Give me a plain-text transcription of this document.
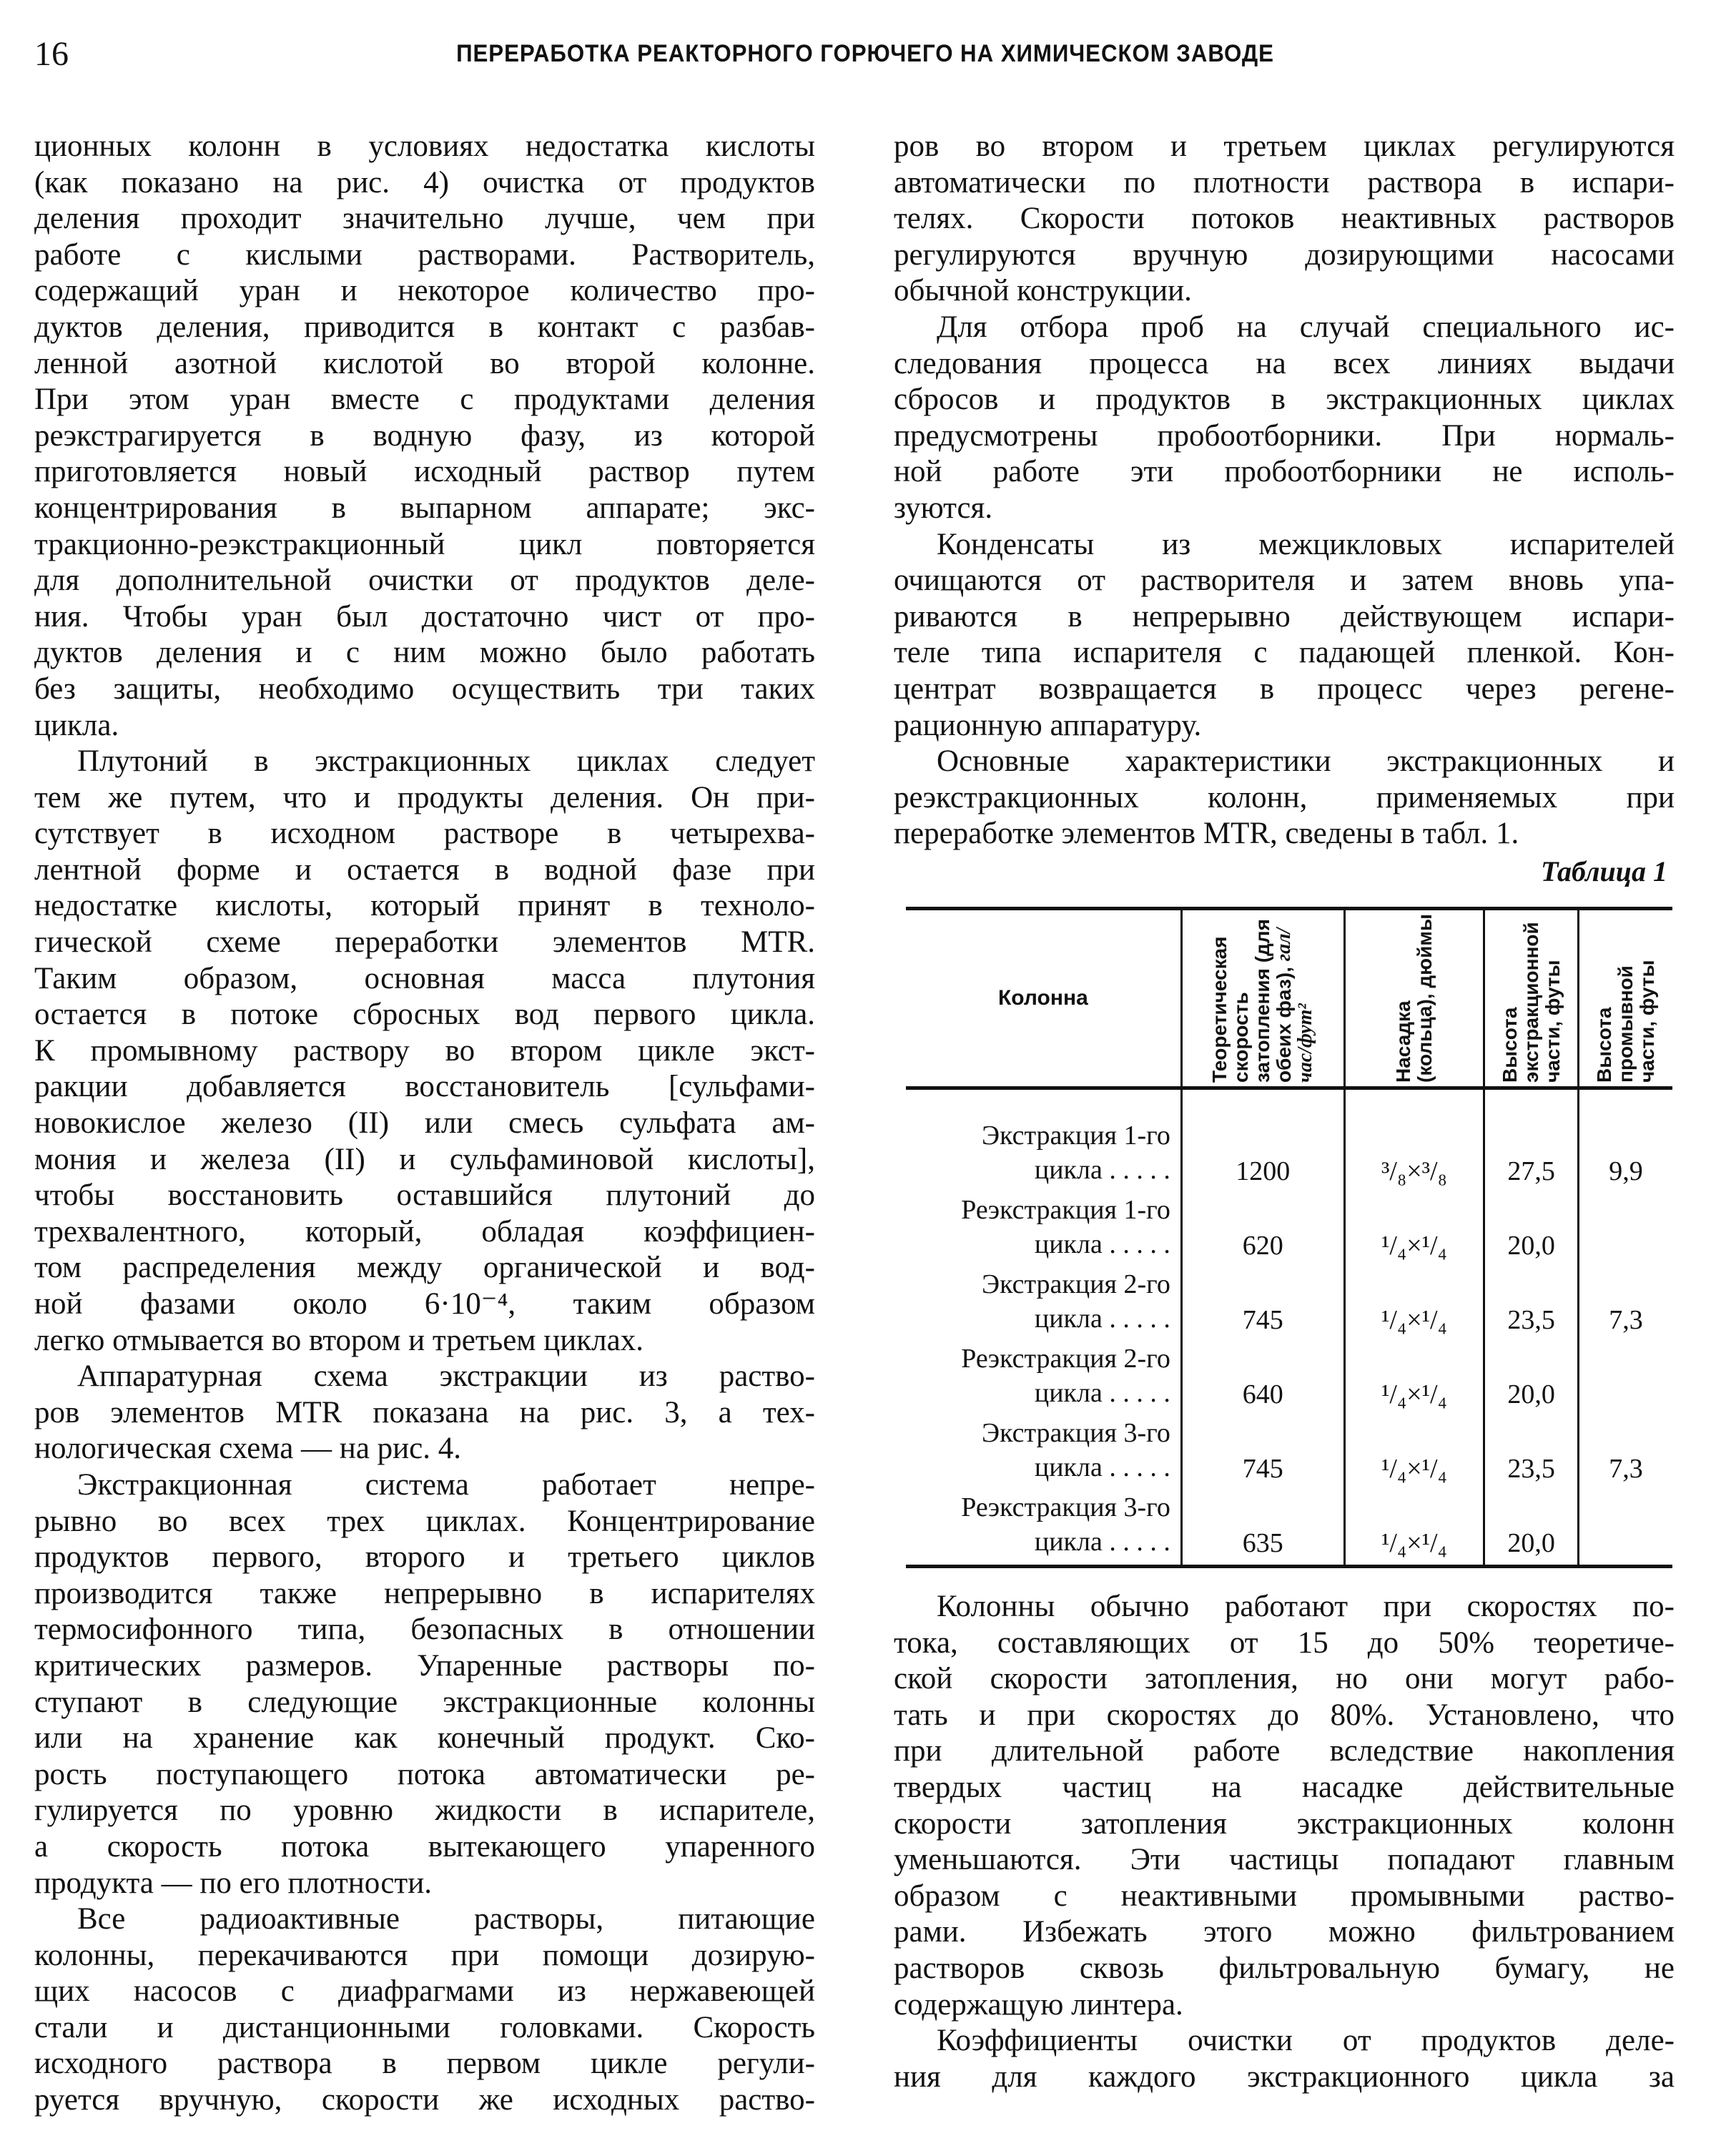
16	ПЕРЕРАБОТКА РЕАКТОРНОГО ГОРЮЧЕГО НА ХИМИЧЕСКОМ ЗАВОДЕ
ционных колонн в условиях недостатка кислоты
(как показано на рис. 4) очистка от продуктов
деления проходит значительно лучше, чем при
работе с кислыми растворами. Растворитель,
содержащий уран и некоторое количество про-
дуктов деления, приводится в контакт с разбав-
ленной азотной кислотой во второй колонне.
При этом уран вместе с продуктами деления
реэкстрагируется в водную фазу, из которой
приготовляется новый исходный раствор путем
концентрирования в выпарном аппарате; экс-
тракционно-реэкстракционный цикл повторяется
для дополнительной очистки от продуктов деле-
ния. Чтобы уран был достаточно чист от про-
дуктов деления и с ним можно было работать
без защиты, необходимо осуществить три таких
цикла.
Плутоний в экстракционных циклах следует
тем же путем, что и продукты деления. Он при-
сутствует в исходном растворе в четырехва-
лентной форме и остается в водной фазе при
недостатке кислоты, который принят в техноло-
гической схеме переработки элементов MTR.
Таким образом, основная масса плутония
остается в потоке сбросных вод первого цикла.
К промывному раствору во втором цикле экст-
ракции добавляется восстановитель [сульфами-
новокислое железо (II) или смесь сульфата ам-
мония и железа (II) и сульфаминовой кислоты],
чтобы восстановить оставшийся плутоний до
трехвалентного, который, обладая коэффициен-
том распределения между органической и вод-
ной фазами около 6·10⁻⁴, таким образом
легко отмывается во втором и третьем циклах.
Аппаратурная схема экстракции из раство-
ров элементов MTR показана на рис. 3, а тех-
нологическая схема — на рис. 4.
Экстракционная система работает непре-
рывно во всех трех циклах. Концентрирование
продуктов первого, второго и третьего циклов
производится также непрерывно в испарителях
термосифонного типа, безопасных в отношении
критических размеров. Упаренные растворы по-
ступают в следующие экстракционные колонны
или на хранение как конечный продукт. Ско-
рость поступающего потока автоматически ре-
гулируется по уровню жидкости в испарителе,
а скорость потока вытекающего упаренного
продукта — по его плотности.
Все радиоактивные растворы, питающие
колонны, перекачиваются при помощи дозирую-
щих насосов с диафрагмами из нержавеющей
стали и дистанционными головками. Скорость
исходного раствора в первом цикле регули-
руется вручную, скорости же исходных раство-
ров во втором и третьем циклах регулируются
автоматически по плотности раствора в испари-
телях. Скорости потоков неактивных растворов
регулируются вручную дозирующими насосами
обычной конструкции.
Для отбора проб на случай специального ис-
следования процесса на всех линиях выдачи
сбросов и продуктов в экстракционных циклах
предусмотрены пробоотборники. При нормаль-
ной работе эти пробоотборники не исполь-
зуются.
Конденсаты из межцикловых испарителей
очищаются от растворителя и затем вновь упа-
риваются в непрерывно действующем испари-
теле типа испарителя с падающей пленкой. Кон-
центрат возвращается в процесс через регене-
рационную аппаратуру.
Основные характеристики экстракционных и
реэкстракционных колонн, применяемых при
переработке элементов MTR, сведены в табл. 1.
Таблица 1
Колонна	Теоретическая скорость затопления (для обеих фаз), гал/час/фут²	Насадка (кольца), дюймы	Высота экстракционной части, футы	Высота промывной части, футы

Экстракция 1-го
цикла . . . . .	1200	³/₈×³/₈	27,5	9,9

Реэкстракция 1-го
цикла . . . . .	620	¹/₄×¹/₄	20,0	

Экстракция 2-го
цикла . . . . .	745	¹/₄×¹/₄	23,5	7,3

Реэкстракция 2-го
цикла . . . . .	640	¹/₄×¹/₄	20,0	

Экстракция 3-го
цикла . . . . .	745	¹/₄×¹/₄	23,5	7,3

Реэкстракция 3-го
цикла . . . . .	635	¹/₄×¹/₄	20,0	
Колонны обычно работают при скоростях по-
тока, составляющих от 15 до 50% теоретиче-
ской скорости затопления, но они могут рабо-
тать и при скоростях до 80%. Установлено, что
при длительной работе вследствие накопления
твердых частиц на насадке действительные
скорости затопления экстракционных колонн
уменьшаются. Эти частицы попадают главным
образом с неактивными промывными раство-
рами. Избежать этого можно фильтрованием
растворов сквозь фильтровальную бумагу, не
содержащую линтера.
Коэффициенты очистки от продуктов деле-
ния для каждого экстракционного цикла за
